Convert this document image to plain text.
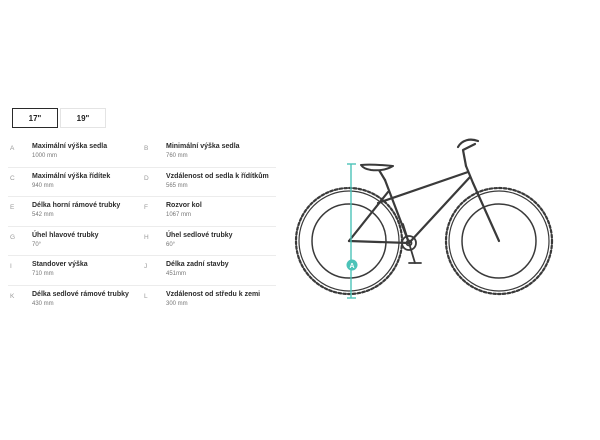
17"	19"
A	Maximální výška sedla
1000 mm
B	Minimální výška sedla
760 mm
C	Maximální výška řídítek
940 mm
D	Vzdálenost od sedla k řídítkům
565 mm
E	Délka horní rámové trubky
542 mm
F	Rozvor kol
1067 mm
G	Úhel hlavové trubky
70°
H	Úhel sedlové trubky
60°
I	Standover výška
710 mm
J	Délka zadní stavby
451mm
K	Délka sedlové rámové trubky
430 mm
L	Vzdálenost od středu k zemi
300 mm
A
